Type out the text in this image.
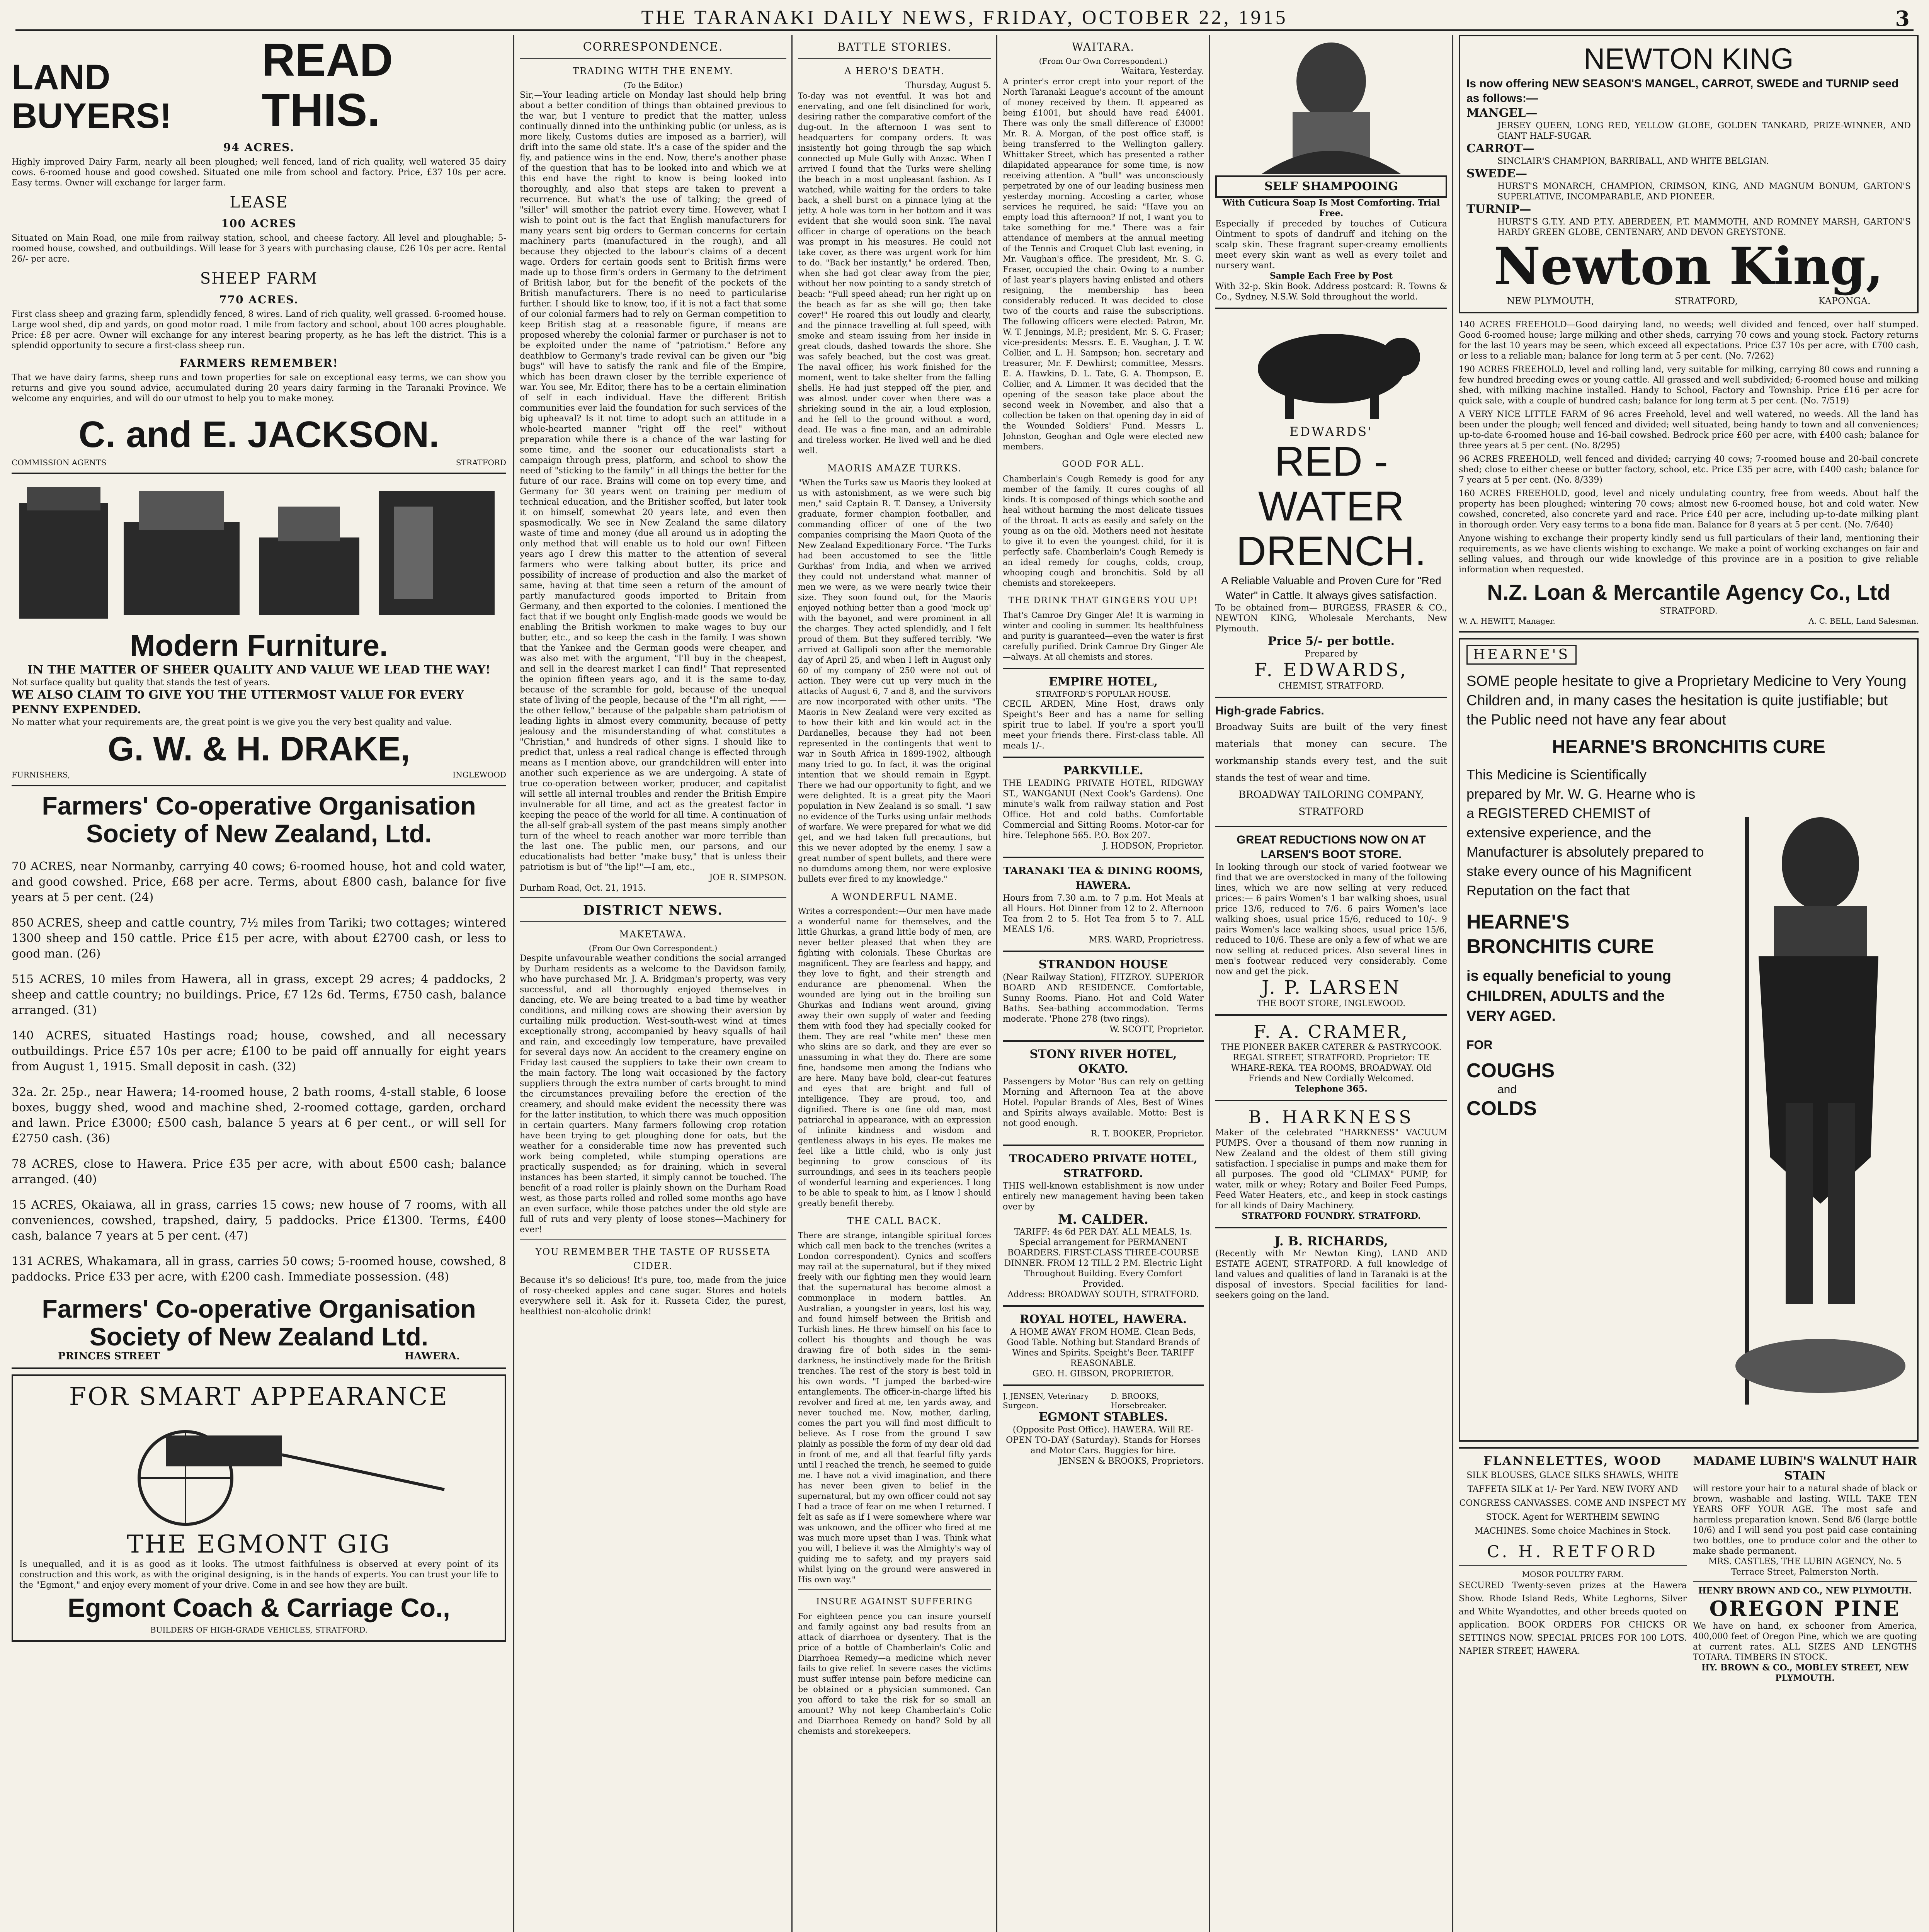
THE TARANAKI DAILY NEWS, FRIDAY, OCTOBER 22, 1915	3
LAND BUYERS!
READ THIS.
94 ACRES.
Highly improved Dairy Farm, nearly all been ploughed; well fenced, land of rich quality, well watered 35 dairy cows. 6-roomed house and good cowshed. Situated one mile from school and factory. Price, £37 10s per acre. Easy terms. Owner will exchange for larger farm.
LEASE
100 ACRES
Situated on Main Road, one mile from railway station, school, and cheese factory. All level and ploughable; 5-roomed house, cowshed, and outbuildings. Will lease for 3 years with purchasing clause, £26 10s per acre. Rental 26/- per acre.
SHEEP FARM
770 ACRES.
First class sheep and grazing farm, splendidly fenced, 8 wires. Land of rich quality, well grassed. 6-roomed house. Large wool shed, dip and yards, on good motor road. 1 mile from factory and school, about 100 acres ploughable. Price: £8 per acre. Owner will exchange for any interest bearing property, as he has left the district. This is a splendid opportunity to secure a first-class sheep run.
FARMERS REMEMBER!
That we have dairy farms, sheep runs and town properties for sale on exceptional easy terms, we can show you returns and give you sound advice, accumulated during 20 years dairy farming in the Taranaki Province. We welcome any enquiries, and will do our utmost to help you to make money.
C. and E. JACKSON.
COMMISSION AGENTS	STRATFORD
Modern Furniture.
IN THE MATTER OF SHEER QUALITY AND VALUE WE LEAD THE WAY!
Not surface quality but quality that stands the test of years.
WE ALSO CLAIM TO GIVE YOU THE UTTERMOST VALUE FOR EVERY PENNY EXPENDED.
No matter what your requirements are, the great point is we give you the very best quality and value.
G. W. & H. DRAKE,
FURNISHERS,	INGLEWOOD
Farmers' Co-operative Organisation
Society of New Zealand, Ltd.
70 ACRES, near Normanby, carrying 40 cows; 6-roomed house, hot and cold water, and good cowshed. Price, £68 per acre. Terms, about £800 cash, balance for five years at 5 per cent. (24)
850 ACRES, sheep and cattle country, 7½ miles from Tariki; two cottages; wintered 1300 sheep and 150 cattle. Price £15 per acre, with about £2700 cash, or less to good man. (26)
515 ACRES, 10 miles from Hawera, all in grass, except 29 acres; 4 paddocks, 2 sheep and cattle country; no buildings. Price, £7 12s 6d. Terms, £750 cash, balance arranged. (31)
140 ACRES, situated Hastings road; house, cowshed, and all necessary outbuildings. Price £57 10s per acre; £100 to be paid off annually for eight years from August 1, 1915. Small deposit in cash. (32)
32a. 2r. 25p., near Hawera; 14-roomed house, 2 bath rooms, 4-stall stable, 6 loose boxes, buggy shed, wood and machine shed, 2-roomed cottage, garden, orchard and lawn. Price £3000; £500 cash, balance 5 years at 6 per cent., or will sell for £2750 cash. (36)
78 ACRES, close to Hawera. Price £35 per acre, with about £500 cash; balance arranged. (40)
15 ACRES, Okaiawa, all in grass, carries 15 cows; new house of 7 rooms, with all conveniences, cowshed, trapshed, dairy, 5 paddocks. Price £1300. Terms, £400 cash, balance 7 years at 5 per cent. (47)
131 ACRES, Whakamara, all in grass, carries 50 cows; 5-roomed house, cowshed, 8 paddocks. Price £33 per acre, with £200 cash. Immediate possession. (48)
Farmers' Co-operative Organisation
Society of New Zealand Ltd.
PRINCES STREET	HAWERA.
FOR SMART APPEARANCE
THE EGMONT GIG
Is unequalled, and it is as good as it looks. The utmost faithfulness is observed at every point of its construction and this work, as with the original designing, is in the hands of experts. You can trust your life to the "Egmont," and enjoy every moment of your drive. Come in and see how they are built.
Egmont Coach & Carriage Co.,
BUILDERS OF HIGH-GRADE VEHICLES, STRATFORD.
CORRESPONDENCE.
TRADING WITH THE ENEMY.
(To the Editor.)
Sir,—Your leading article on Monday last should help bring about a better condition of things than obtained previous to the war, but I venture to predict that the matter, unless continually dinned into the unthinking public (or unless, as is more likely, Customs duties are imposed as a barrier), will drift into the same old state. It's a case of the spider and the fly, and patience wins in the end. Now, there's another phase of the question that has to be looked into and which we at this end have the right to know is being looked into thoroughly, and also that steps are taken to prevent a recurrence. But what's the use of talking; the greed of "siller" will smother the patriot every time. However, what I wish to point out is the fact that English manufacturers for many years sent big orders to German concerns for certain machinery parts (manufactured in the rough), and all because they objected to the labour's claims of a decent wage. Orders for certain goods sent to British firms were made up to those firm's orders in Germany to the detriment of British labor, but for the benefit of the pockets of the British manufacturers. There is no need to particularise further. I should like to know, too, if it is not a fact that some of our colonial farmers had to rely on German competition to keep British stag at a reasonable figure, if means are proposed whereby the colonial farmer or purchaser is not to be exploited under the name of "patriotism." Before any deathblow to Germany's trade revival can be given our "big bugs" will have to satisfy the rank and file of the Empire, which has been drawn closer by the terrible experience of war. You see, Mr. Editor, there has to be a certain elimination of self in each individual. Have the different British communities ever laid the foundation for such services of the big upheaval? Is it not time to adopt such an attitude in a whole-hearted manner "right off the reel" without preparation while there is a chance of the war lasting for some time, and the sooner our educationalists start a campaign through press, platform, and school to show the need of "sticking to the family" in all things the better for the future of our race. Brains will come on top every time, and Germany for 30 years went on training per medium of technical education, and the Britisher scoffed, but later took it on himself, somewhat 20 years late, and even then spasmodically. We see in New Zealand the same dilatory waste of time and money (due all around us in adopting the only method that will enable us to hold our own! Fifteen years ago I drew this matter to the attention of several farmers who were talking about butter, its price and possibility of increase of production and also the market of same, having at that time seen a return of the amount of partly manufactured goods imported to Britain from Germany, and then exported to the colonies. I mentioned the fact that if we bought only English-made goods we would be enabling the British workmen to make wages to buy our butter, etc., and so keep the cash in the family. I was shown that the Yankee and the German goods were cheaper, and was also met with the argument, "I'll buy in the cheapest, and sell in the dearest market I can find!" That represented the opinion fifteen years ago, and it is the same to-day, because of the scramble for gold, because of the unequal state of living of the people, because of the "I'm all right, —— the other fellow," because of the palpable sham patriotism of leading lights in almost every community, because of petty jealousy and the misunderstanding of what constitutes a "Christian," and hundreds of other signs. I should like to predict that, unless a real radical change is effected through means as I mention above, our grandchildren will enter into another such experience as we are undergoing. A state of true co-operation between worker, producer, and capitalist will settle all internal troubles and render the British Empire invulnerable for all time, and act as the greatest factor in keeping the peace of the world for all time. A continuation of the all-self grab-all system of the past means simply another turn of the wheel to reach another war more terrible than the last one. The public men, our parsons, and our educationalists had better "make busy," that is unless their patriotism is but of "the lip!"—I am, etc.,
JOE R. SIMPSON.
Durham Road, Oct. 21, 1915.
DISTRICT NEWS.
MAKETAWA.
(From Our Own Correspondent.)
Despite unfavourable weather conditions the social arranged by Durham residents as a welcome to the Davidson family, who have purchased Mr. J. A. Bridgman's property, was very successful, and all thoroughly enjoyed themselves in dancing, etc. We are being treated to a bad time by weather conditions, and milking cows are showing their aversion by curtailing milk production. West-south-west wind at times exceptionally strong, accompanied by heavy squalls of hail and rain, and exceedingly low temperature, have prevailed for several days now. An accident to the creamery engine on Friday last caused the suppliers to take their own cream to the main factory. The long wait occasioned by the factory suppliers through the extra number of carts brought to mind the circumstances prevailing before the erection of the creamery, and should make evident the necessity there was for the latter institution, to which there was much opposition in certain quarters. Many farmers following crop rotation have been trying to get ploughing done for oats, but the weather for a considerable time now has prevented such work being completed, while stumping operations are practically suspended; as for draining, which in several instances has been started, it simply cannot be touched. The benefit of a road roller is plainly shown on the Durham Road west, as those parts rolled and rolled some months ago have an even surface, while those patches under the old style are full of ruts and very plenty of loose stones—Machinery for ever!
YOU REMEMBER THE TASTE OF RUSSETA CIDER.
Because it's so delicious! It's pure, too, made from the juice of rosy-cheeked apples and cane sugar. Stores and hotels everywhere sell it. Ask for it. Russeta Cider, the purest, healthiest non-alcoholic drink!
BATTLE STORIES.
A HERO'S DEATH.
Thursday, August 5.
To-day was not eventful. It was hot and enervating, and one felt disinclined for work, desiring rather the comparative comfort of the dug-out. In the afternoon I was sent to headquarters for company orders. It was insistently hot going through the sap which connected up Mule Gully with Anzac. When I arrived I found that the Turks were shelling the beach in a most unpleasant fashion. As I watched, while waiting for the orders to take back, a shell burst on a pinnace lying at the jetty. A hole was torn in her bottom and it was evident that she would soon sink. The naval officer in charge of operations on the beach was prompt in his measures. He could not take cover, as there was urgent work for him to do. "Back her instantly," he ordered. Then, when she had got clear away from the pier, without her now pointing to a sandy stretch of beach: "Full speed ahead; run her right up on the beach as far as she will go; then take cover!" He roared this out loudly and clearly, and the pinnace travelling at full speed, with smoke and steam issuing from her inside in great clouds, dashed towards the shore. She was safely beached, but the cost was great. The naval officer, his work finished for the moment, went to take shelter from the falling shells. He had just stepped off the pier, and was almost under cover when there was a shrieking sound in the air, a loud explosion, and he fell to the ground without a word, dead. He was a fine man, and an admirable and tireless worker. He lived well and he died well.
MAORIS AMAZE TURKS.
"When the Turks saw us Maoris they looked at us with astonishment, as we were such big men," said Captain R. T. Dansey, a University graduate, former champion footballer, and commanding officer of one of the two companies comprising the Maori Quota of the New Zealand Expeditionary Force. "The Turks had been accustomed to see the 'little Gurkhas' from India, and when we arrived they could not understand what manner of men we were, as we were nearly twice their size. They soon found out, for the Maoris enjoyed nothing better than a good 'mock up' with the bayonet, and were prominent in all the charges. They acted splendidly, and I felt proud of them. But they suffered terribly. "We arrived at Gallipoli soon after the memorable day of April 25, and when I left in August only 60 of my company of 250 were not out of action. They were cut up very much in the attacks of August 6, 7 and 8, and the survivors are now incorporated with other units. "The Maoris in New Zealand were very excited as to how their kith and kin would act in the Dardanelles, because they had not been represented in the contingents that went to war in South Africa in 1899-1902, although many tried to go. In fact, it was the original intention that we should remain in Egypt. There we had our opportunity to fight, and we were delighted. It is a great pity the Maori population in New Zealand is so small. "I saw no evidence of the Turks using unfair methods of warfare. We were prepared for what we did get, and we had taken full precautions, but this we never adopted by the enemy. I saw a great number of spent bullets, and there were no dumdums among them, nor were explosive bullets ever fired to my knowledge."
A WONDERFUL NAME.
Writes a correspondent:—Our men have made a wonderful name for themselves, and the little Ghurkas, a grand little body of men, are never better pleased that when they are fighting with colonials. These Ghurkas are magnificent. They are fearless and happy, and they love to fight, and their strength and endurance are phenomenal. When the wounded are lying out in the broiling sun Ghurkas and Indians went around, giving away their own supply of water and feeding them with food they had specially cooked for them. They are real "white men" these men who skins are so dark, and they are ever so unassuming in what they do. There are some fine, handsome men among the Indians who are here. Many have bold, clear-cut features and eyes that are bright and full of intelligence. They are proud, too, and dignified. There is one fine old man, most patriarchal in appearance, with an expression of infinite kindness and wisdom and gentleness always in his eyes. He makes me feel like a little child, who is only just beginning to grow conscious of its surroundings, and sees in its teachers people of wonderful learning and experiences. I long to be able to speak to him, as I know I should greatly benefit thereby.
THE CALL BACK.
There are strange, intangible spiritual forces which call men back to the trenches (writes a London correspondent). Cynics and scoffers may rail at the supernatural, but if they mixed freely with our fighting men they would learn that the supernatural has become almost a commonplace in modern battles. An Australian, a youngster in years, lost his way, and found himself between the British and Turkish lines. He threw himself on his face to collect his thoughts and though he was drawing fire of both sides in the semi-darkness, he instinctively made for the British trenches. The rest of the story is best told in his own words. "I jumped the barbed-wire entanglements. The officer-in-charge lifted his revolver and fired at me, ten yards away, and never touched me. Now, mother, darling, comes the part you will find most difficult to believe. As I rose from the ground I saw plainly as possible the form of my dear old dad in front of me, and all that fearful fifty yards until I reached the trench, he seemed to guide me. I have not a vivid imagination, and there has never been given to belief in the supernatural, but my own officer could not say I had a trace of fear on me when I returned. I felt as safe as if I were somewhere where war was unknown, and the officer who fired at me was much more upset than I was. Think what you will, I believe it was the Almighty's way of guiding me to safety, and my prayers said whilst lying on the ground were answered in His own way."
INSURE AGAINST SUFFERING
For eighteen pence you can insure yourself and family against any bad results from an attack of diarrhoea or dysentery. That is the price of a bottle of Chamberlain's Colic and Diarrhoea Remedy—a medicine which never fails to give relief. In severe cases the victims must suffer intense pain before medicine can be obtained or a physician summoned. Can you afford to take the risk for so small an amount? Why not keep Chamberlain's Colic and Diarrhoea Remedy on hand? Sold by all chemists and storekeepers.
WAITARA.
(From Our Own Correspondent.)
Waitara, Yesterday.
A printer's error crept into your report of the North Taranaki League's account of the amount of money received by them. It appeared as being £1001, but should have read £4001. There was only the small difference of £3000! Mr. R. A. Morgan, of the post office staff, is being transferred to the Wellington gallery. Whittaker Street, which has presented a rather dilapidated appearance for some time, is now receiving attention. A "bull" was unconsciously perpetrated by one of our leading business men yesterday morning. Accosting a carter, whose services he required, he said: "Have you an empty load this afternoon? If not, I want you to take something for me." There was a fair attendance of members at the annual meeting of the Tennis and Croquet Club last evening, in Mr. Vaughan's office. The president, Mr. S. G. Fraser, occupied the chair. Owing to a number of last year's players having enlisted and others resigning, the membership has been considerably reduced. It was decided to close two of the courts and raise the subscriptions. The following officers were elected: Patron, Mr. W. T. Jennings, M.P.; president, Mr. S. G. Fraser; vice-presidents: Messrs. E. E. Vaughan, J. T. W. Collier, and L. H. Sampson; hon. secretary and treasurer, Mr. F. Dewhirst; committee, Messrs. E. A. Hawkins, D. L. Tate, G. A. Thompson, E. Collier, and A. Limmer. It was decided that the opening of the season take place about the second week in November, and also that a collection be taken on that opening day in aid of the Wounded Soldiers' Fund. Messrs L. Johnston, Geoghan and Ogle were elected new members.
GOOD FOR ALL.
Chamberlain's Cough Remedy is good for any member of the family. It cures coughs of all kinds. It is composed of things which soothe and heal without harming the most delicate tissues of the throat. It acts as easily and safely on the young as on the old. Mothers need not hesitate to give it to even the youngest child, for it is perfectly safe. Chamberlain's Cough Remedy is an ideal remedy for coughs, colds, croup, whooping cough and bronchitis. Sold by all chemists and storekeepers.
THE DRINK THAT GINGERS YOU UP!
That's Camroe Dry Ginger Ale! It is warming in winter and cooling in summer. Its healthfulness and purity is guaranteed—even the water is first carefully purified. Drink Camroe Dry Ginger Ale—always. At all chemists and stores.
EMPIRE HOTEL,
STRATFORD'S POPULAR HOUSE.
CECIL ARDEN, Mine Host, draws only Speight's Beer and has a name for selling spirit true to label. If you're a sport you'll meet your friends there. First-class table. All meals 1/-.
PARKVILLE.
THE LEADING PRIVATE HOTEL, RIDGWAY ST., WANGANUI (Next Cook's Gardens). One minute's walk from railway station and Post Office. Hot and cold baths. Comfortable Commercial and Sitting Rooms. Motor-car for hire. Telephone 565. P.O. Box 207.
J. HODSON, Proprietor.
TARANAKI TEA & DINING ROOMS, HAWERA.
Hours from 7.30 a.m. to 7 p.m. Hot Meals at all Hours. Hot Dinner from 12 to 2. Afternoon Tea from 2 to 5. Hot Tea from 5 to 7. ALL MEALS 1/6.
MRS. WARD, Proprietress.
STRANDON HOUSE
(Near Railway Station), FITZROY. SUPERIOR BOARD AND RESIDENCE. Comfortable, Sunny Rooms. Piano. Hot and Cold Water Baths. Sea-bathing accommodation. Terms moderate. 'Phone 278 (two rings).
W. SCOTT, Proprietor.
STONY RIVER HOTEL, OKATO.
Passengers by Motor 'Bus can rely on getting Morning and Afternoon Tea at the above Hotel. Popular Brands of Ales, Best of Wines and Spirits always available. Motto: Best is not good enough.
R. T. BOOKER, Proprietor.
TROCADERO PRIVATE HOTEL, STRATFORD.
THIS well-known establishment is now under entirely new management having been taken over by
M. CALDER.
TARIFF: 4s 6d PER DAY. ALL MEALS, 1s. Special arrangement for PERMANENT BOARDERS. FIRST-CLASS THREE-COURSE DINNER. FROM 12 TILL 2 P.M. Electric Light Throughout Building. Every Comfort Provided.
Address: BROADWAY SOUTH, STRATFORD.
ROYAL HOTEL, HAWERA.
A HOME AWAY FROM HOME. Clean Beds, Good Table. Nothing but Standard Brands of Wines and Spirits. Speight's Beer. TARIFF REASONABLE.
GEO. H. GIBSON, PROPRIETOR.
J. JENSEN, Veterinary Surgeon.
D. BROOKS, Horsebreaker.
EGMONT STABLES.
(Opposite Post Office). HAWERA. Will RE-OPEN TO-DAY (Saturday). Stands for Horses and Motor Cars. Buggies for hire.
JENSEN & BROOKS, Proprietors.
SELF SHAMPOOING
With Cuticura Soap Is Most Comforting. Trial Free.
Especially if preceded by touches of Cuticura Ointment to spots of dandruff and itching on the scalp skin. These fragrant super-creamy emollients meet every skin want as well as every toilet and nursery want.
Sample Each Free by Post
With 32-p. Skin Book. Address postcard: R. Towns & Co., Sydney, N.S.W. Sold throughout the world.
EDWARDS'
RED - WATER
DRENCH.
A Reliable Valuable and Proven Cure for "Red Water" in Cattle. It always gives satisfaction.
To be obtained from— BURGESS, FRASER & CO., NEWTON KING, Wholesale Merchants, New Plymouth.
Price 5/- per bottle.
Prepared by
F. EDWARDS,
CHEMIST, STRATFORD.
High-grade Fabrics.
Broadway Suits are built of the very finest materials that money can secure. The workmanship stands every test, and the suit stands the test of wear and time.
BROADWAY TAILORING COMPANY, STRATFORD
GREAT REDUCTIONS NOW ON AT LARSEN'S BOOT STORE.
In looking through our stock of varied footwear we find that we are overstocked in many of the following lines, which we are now selling at very reduced prices:— 6 pairs Women's 1 bar walking shoes, usual price 13/6, reduced to 7/6. 6 pairs Women's lace walking shoes, usual price 15/6, reduced to 10/-. 9 pairs Women's lace walking shoes, usual price 15/6, reduced to 10/6. These are only a few of what we are now selling at reduced prices. Also several lines in men's footwear reduced very considerably. Come now and get the pick.
J. P. LARSEN
THE BOOT STORE, INGLEWOOD.
F. A. CRAMER,
THE PIONEER BAKER CATERER & PASTRYCOOK. REGAL STREET, STRATFORD. Proprietor: TE WHARE-REKA. TEA ROOMS, BROADWAY. Old Friends and New Cordially Welcomed.
Telephone 365.
B. HARKNESS
Maker of the celebrated "HARKNESS" VACUUM PUMPS. Over a thousand of them now running in New Zealand and the oldest of them still giving satisfaction. I specialise in pumps and make them for all purposes. The good old "CLIMAX" PUMP, for water, milk or whey; Rotary and Boiler Feed Pumps, Feed Water Heaters, etc., and keep in stock castings for all kinds of Dairy Machinery.
STRATFORD FOUNDRY. STRATFORD.
J. B. RICHARDS,
(Recently with Mr Newton King), LAND AND ESTATE AGENT, STRATFORD. A full knowledge of land values and qualities of land in Taranaki is at the disposal of investors. Special facilities for land-seekers going on the land.
NEWTON KING
Is now offering NEW SEASON'S MANGEL, CARROT, SWEDE and TURNIP seed as follows:—
MANGEL—
JERSEY QUEEN, LONG RED, YELLOW GLOBE, GOLDEN TANKARD, PRIZE-WINNER, AND GIANT HALF-SUGAR.
CARROT—
SINCLAIR'S CHAMPION, BARRIBALL, AND WHITE BELGIAN.
SWEDE—
HURST'S MONARCH, CHAMPION, CRIMSON, KING, AND MAGNUM BONUM, GARTON'S SUPERLATIVE, INCOMPARABLE, AND PIONEER.
TURNIP—
HURST'S G.T.Y. AND P.T.Y. ABERDEEN, P.T. MAMMOTH, AND ROMNEY MARSH, GARTON'S HARDY GREEN GLOBE, CENTENARY, AND DEVON GREYSTONE.
Newton King,
NEW PLYMOUTH,	STRATFORD,	KAPONGA.
140 ACRES FREEHOLD—Good dairying land, no weeds; well divided and fenced, over half stumped. Good 6-roomed house; large milking and other sheds, carrying 70 cows and young stock. Factory returns for the last 10 years may be seen, which exceed all expectations. Price £37 10s per acre, with £700 cash, or less to a reliable man; balance for long term at 5 per cent. (No. 7/262)
190 ACRES FREEHOLD, level and rolling land, very suitable for milking, carrying 80 cows and running a few hundred breeding ewes or young cattle. All grassed and well subdivided; 6-roomed house and milking shed, with milking machine installed. Handy to School, Factory and Township. Price £16 per acre for quick sale, with a couple of hundred cash; balance for long term at 5 per cent. (No. 7/519)
A VERY NICE LITTLE FARM of 96 acres Freehold, level and well watered, no weeds. All the land has been under the plough; well fenced and divided; well situated, being handy to town and all conveniences; up-to-date 6-roomed house and 16-bail cowshed. Bedrock price £60 per acre, with £400 cash; balance for three years at 5 per cent. (No. 8/295)
96 ACRES FREEHOLD, well fenced and divided; carrying 40 cows; 7-roomed house and 20-bail concrete shed; close to either cheese or butter factory, school, etc. Price £35 per acre, with £400 cash; balance for 7 years at 5 per cent. (No. 8/339)
160 ACRES FREEHOLD, good, level and nicely undulating country, free from weeds. About half the property has been ploughed; wintering 70 cows; almost new 6-roomed house, hot and cold water. New cowshed, concreted, also concrete yard and race. Price £40 per acre, including up-to-date milking plant in thorough order. Very easy terms to a bona fide man. Balance for 8 years at 5 per cent. (No. 7/640)
Anyone wishing to exchange their property kindly send us full particulars of their land, mentioning their requirements, as we have clients wishing to exchange. We make a point of working exchanges on fair and selling values, and through our wide knowledge of this province are in a position to give reliable information when requested.
N.Z. Loan & Mercantile Agency Co., Ltd
STRATFORD.
W. A. HEWITT, Manager.	A. C. BELL, Land Salesman.
HEARNE'S
SOME people hesitate to give a Proprietary Medicine to Very Young Children and, in many cases the hesitation is quite justifiable; but the Public need not have any fear about
HEARNE'S BRONCHITIS CURE
This Medicine is Scientifically prepared by Mr. W. G. Hearne who is a REGISTERED CHEMIST of extensive experience, and the Manufacturer is absolutely prepared to stake every ounce of his Magnificent Reputation on the fact that
HEARNE'S BRONCHITIS CURE
is equally beneficial to young CHILDREN, ADULTS and the VERY AGED.
FOR
COUGHS
and
COLDS
FLANNELETTES, WOOD
SILK BLOUSES, GLACE SILKS SHAWLS, WHITE TAFFETA SILK at 1/- Per Yard. NEW IVORY AND CONGRESS CANVASSES. COME AND INSPECT MY STOCK. Agent for WERTHEIM SEWING MACHINES. Some choice Machines in Stock.
C. H. RETFORD
MOSOR POULTRY FARM.
SECURED Twenty-seven prizes at the Hawera Show. Rhode Island Reds, White Leghorns, Silver and White Wyandottes, and other breeds quoted on application. BOOK ORDERS FOR CHICKS OR SETTINGS NOW. SPECIAL PRICES FOR 100 LOTS. NAPIER STREET, HAWERA.
MADAME LUBIN'S WALNUT HAIR STAIN
will restore your hair to a natural shade of black or brown, washable and lasting. WILL TAKE TEN YEARS OFF YOUR AGE. The most safe and harmless preparation known. Send 8/6 (large bottle 10/6) and I will send you post paid case containing two bottles, one to produce color and the other to make shade permanent.
MRS. CASTLES, THE LUBIN AGENCY, No. 5 Terrace Street, Palmerston North.
HENRY BROWN AND CO., NEW PLYMOUTH.
OREGON PINE
We have on hand, ex schooner from America, 400,000 feet of Oregon Pine, which we are quoting at current rates. ALL SIZES AND LENGTHS TOTARA. TIMBERS IN STOCK.
HY. BROWN & CO., MOBLEY STREET, NEW PLYMOUTH.
